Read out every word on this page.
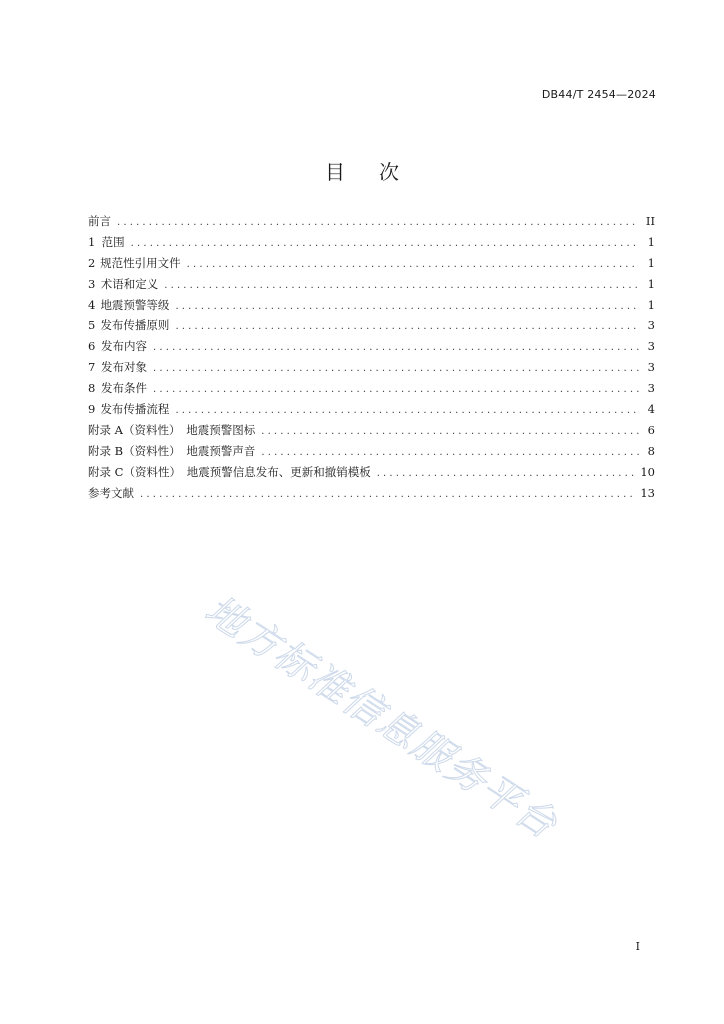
DB44/T 2454—2024
目 次
前言 . . .	II
1 范围 . . .	1
2 规范性引用文件 . . .	1
3 术语和定义 . . .	1
4 地震预警等级 . . .	1
5 发布传播原则 . . .	3
6 发布内容 . . .	3
7 发布对象 . . .	3
8 发布条件 . . .	3
9 发布传播流程 . . .	4
附录 A（资料性）　地震预警图标 . . .	6
附录 B（资料性）　地震预警声音 . . .	8
附录 C（资料性）　地震预警信息发布、更新和撤销模板 . . .	10
参考文献 . . .	13
地方标准信息服务平台
I
